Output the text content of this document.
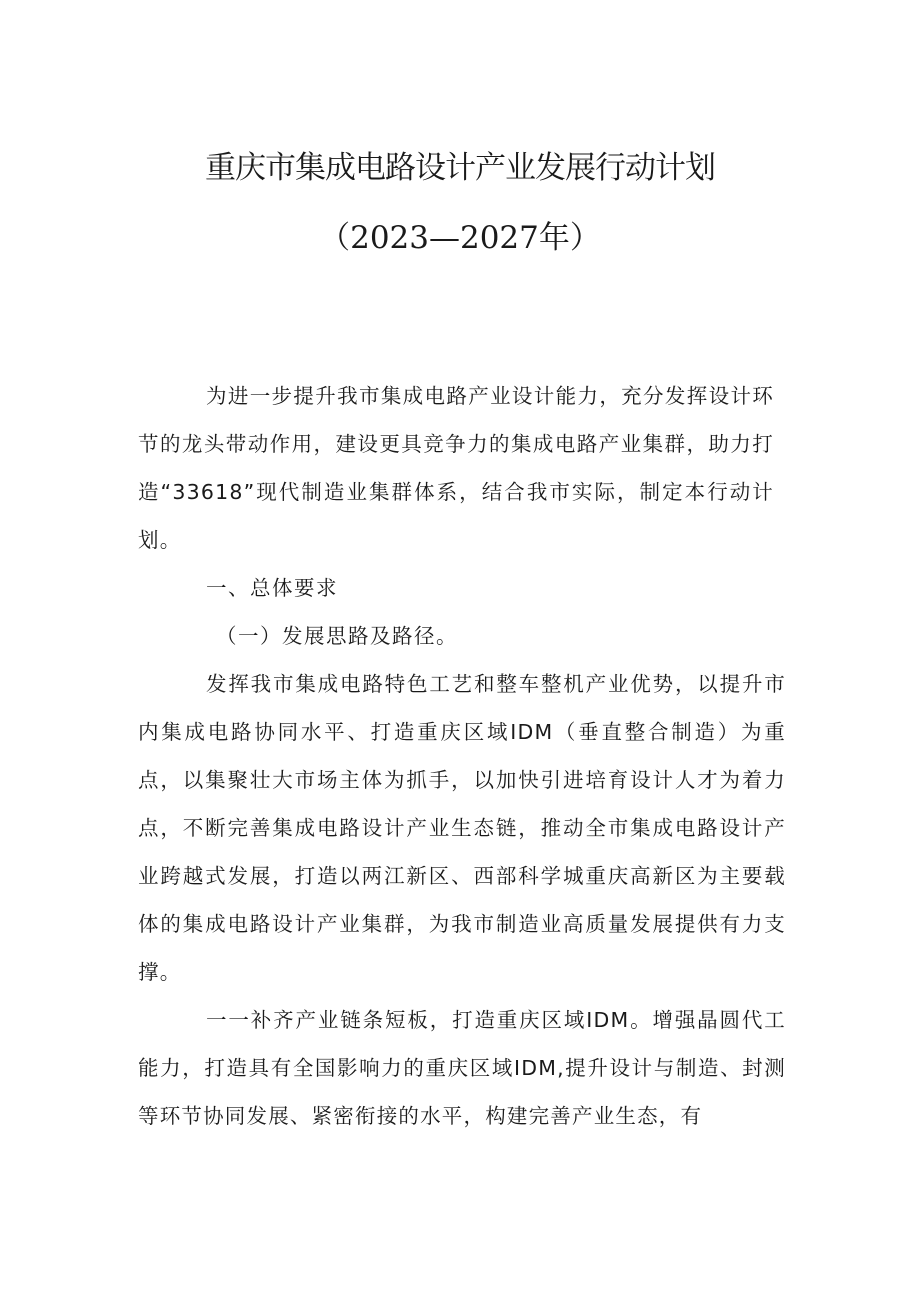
重庆市集成电路设计产业发展行动计划
（2023—2027年）

为进一步提升我市集成电路产业设计能力，充分发挥设计环节的龙头带动作用，建设更具竞争力的集成电路产业集群，助力打造“33618”现代制造业集群体系，结合我市实际，制定本行动计划。

一、总体要求
（一）发展思路及路径。

发挥我市集成电路特色工艺和整车整机产业优势，以提升市内集成电路协同水平、打造重庆区域IDM（垂直整合制造）为重点，以集聚壮大市场主体为抓手，以加快引进培育设计人才为着力点，不断完善集成电路设计产业生态链，推动全市集成电路设计产业跨越式发展，打造以两江新区、西部科学城重庆高新区为主要载体的集成电路设计产业集群，为我市制造业高质量发展提供有力支撑。

一一补齐产业链条短板，打造重庆区域IDM。增强晶圆代工能力，打造具有全国影响力的重庆区域IDM,提升设计与制造、封测等环节协同发展、紧密衔接的水平，构建完善产业生态，有
